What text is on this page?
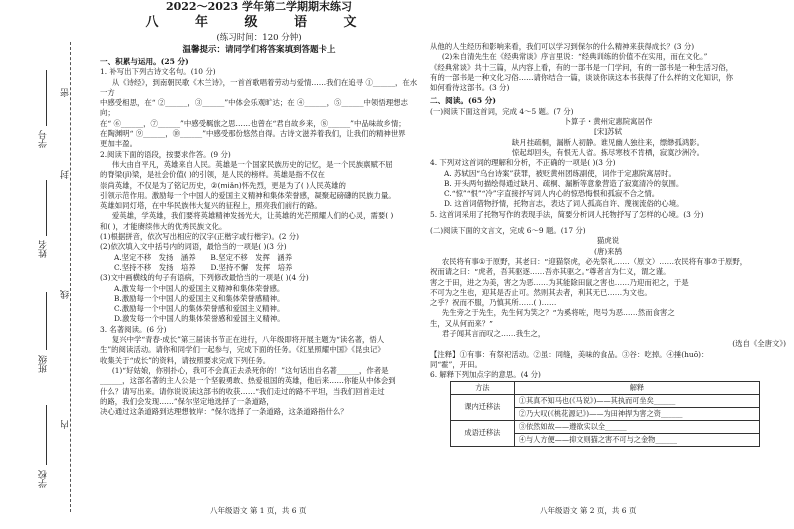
密
封
线
内
学号
姓名
班级
学校

2022～2023 学年第二学期期末练习

八 年 级 语 文

(练习时间：120 分钟)

温馨提示：请同学们将答案填到答题卡上

一、积累与运用。(25 分)

1. 补写出下列古诗文名句。(10 分)

从《诗经》，到南朝民歌《木兰诗》，一首首歌唱着劳动与爱情……我们在追寻 ①______，在水一方

中感受相思，在“ ②______，③______”中体会乐观旷达；在 ④______，⑤______中领悟理想志向；

在“ ⑥______，⑦______”中感受羁旅之思……也曾在“君自故乡来，⑧______”中品味故乡情；

在陶渊明“ ⑨______，⑩______”中感受那份悠然自得。古诗文滋养着我们，让我们的精神世界

更加丰盈。

2.阅读下面的语段，按要求作答。(9 分)

伟大由自平凡，英雄来自人民。英雄是一个国家民族历史的记忆，是一个民族禀赋不屈

的脊梁(jǐ)梁，是社会价值( )的引领，是人民的榜样。英雄是指不仅在

崇尚英雄，不仅是为了铭记历史，②(miǎn)怀先烈，更是为了( )人民英雄的

引领示范作用。激励每一个中国人的爱国主义精神和集体荣誉感，凝聚起磅礴的民族力量。

英雄如同灯塔，在中华民族伟大复兴的征程上，照亮我们前行的路。

爱英雄，学英雄，我们要将英雄精神发扬光大，让英雄的光芒照耀人们的心灵，需要( )

和( )，才能赓续伟大的优秀民族文化。

(1)根据拼音，依次写出相应的汉字(正楷字或行楷字)。(2 分)

(2)依次填入文中括号内的词语，最恰当的一项是( )(3 分)

A.坚定不移　发扬　涵养　　 B.坚定不移　发挥　涵养

C.坚持不移　发扬　培养　　 D.坚持不懈　发挥　培养

(3)文中画横线的句子有语病，下列修改最恰当的一项是( )(4 分)

A.激发每一个中国人的爱国主义精神和集体荣誉感。

B.激励每一个中国人的爱国主义和集体荣誉感精神。

C.激励每一个中国人的集体荣誉感和爱国主义精神。

D.激发每一个中国人的集体荣誉感和爱国主义精神。

3. 名著阅读。(6 分)

复兴中学“青春·成长”第三届读书节正在进行，八年级即将开展主题为“读名著，悟人

生”的阅读活动。请你和同学们一起参与，完成下面的任务。《红星照耀中国》《昆虫记》

收集关于“成长”的资料，请按照要求完成下列任务。

(1)“好姑娘，你别扑心，我可不会真正去杀死你的！”这句话出自名著______，作者是

______，这部名著的主人公是一个坚毅勇敢、热爱祖国的英雄，他后来……你能从中体会到

什么？请写出来。请你说说读这部书的收获……“我们走过的路不平坦，当我们回首走过

的路，我们会发现……”保尔坚定地选择了一条道路，

决心通过这条道路到达理想彼岸：“保尔选择了一条道路，这条道路指什么？

从他的人生经历和影响来看，我们可以学习到保尔的什么精神来获得成长？(3 分)

(2)朱自清先生在《经典常谈》序言里说：“经典训练的价值不在实用，而在文化。”

《经典常谈》共十三篇，从内容上看，有的一部书是一门学问，有的一部书是一种生活习俗，

有的一部书是一种文化习俗……请你结合一篇，谈谈你读这本书获得了什么样的文化知识，你

如何看待这部书。(3 分)

二、阅读。(65 分)

(一)阅读下面这首词，完成 4～5 题。(7 分)

卜算子・黄州定惠院寓居作

[宋]苏轼

缺月挂疏桐，漏断人初静。谁见幽人独往来，缥缈孤鸿影。

惊起却回头，有恨无人省。拣尽寒枝不肯栖，寂寞沙洲冷。

4. 下列对这首词的理解和分析，不正确的一项是( )(3 分)

A. 苏轼因“乌台诗案”获罪，被贬黄州团练副使，词作于定惠院寓居时。

B. 开头两句描绘得通过缺月、疏桐、漏断等意象营造了寂寞清冷的氛围。

C.“惊”“恨”“冷”字直接抒写词人内心的惊恐悔恨和孤寂不合之情。

D. 这首词借物抒情，托物言志，表达了词人孤高自许、蔑视流俗的心境。

5. 这首词采用了托物写作的表现手法，简要分析词人托物抒写了怎样的心境。(3 分)

(二)阅读下面的文言文，完成 6～9 题。(17 分)

猫虎说

(唐)来鹄

农民将有事①于原野，其老曰：“迎猫祭虎，必先祭礼……（原文）……农民将有事⑦于原野，

祝而请之曰：“虎者，吾其驱逐……吾亦其驱之。”尊者言为仁义，谓之谨。

害之于田，进之为美，害之为恶……为其能除田鼠之害也……乃迎而祀之，于是

不可为之生也，迎其是否止可。然则其去者，利其无已……为文也。

之乎？祝而不服，乃慎其所……( )……

先生旁之于先生，先生何为笑之？“为奚将咗，咫号为恶……然而食害之

生，又从何而来？”

君子闻其言而叹之……我生之，

(选自《全唐文》)

【注释】①有事：有祭祀活动。②虽：同缝，美味的食品。③谷：吃掉。④捶(huō)：

同“霍”，开田。

6. 解释下列加点字的意思。(4 分)

方法	解释
课内迁移法	①其真不知马也(《马说》)——其执而可坐矣______
	②乃大叹(《桃花源记》)——为田神捍为害之资______
成语迁移法	③依然如故——遵欲实以全______
	④与人方便——抑文则猫之害不可与之金物______
八年级语文 第 1 页，共 6 页	八年级语文 第 2 页，共 6 页
